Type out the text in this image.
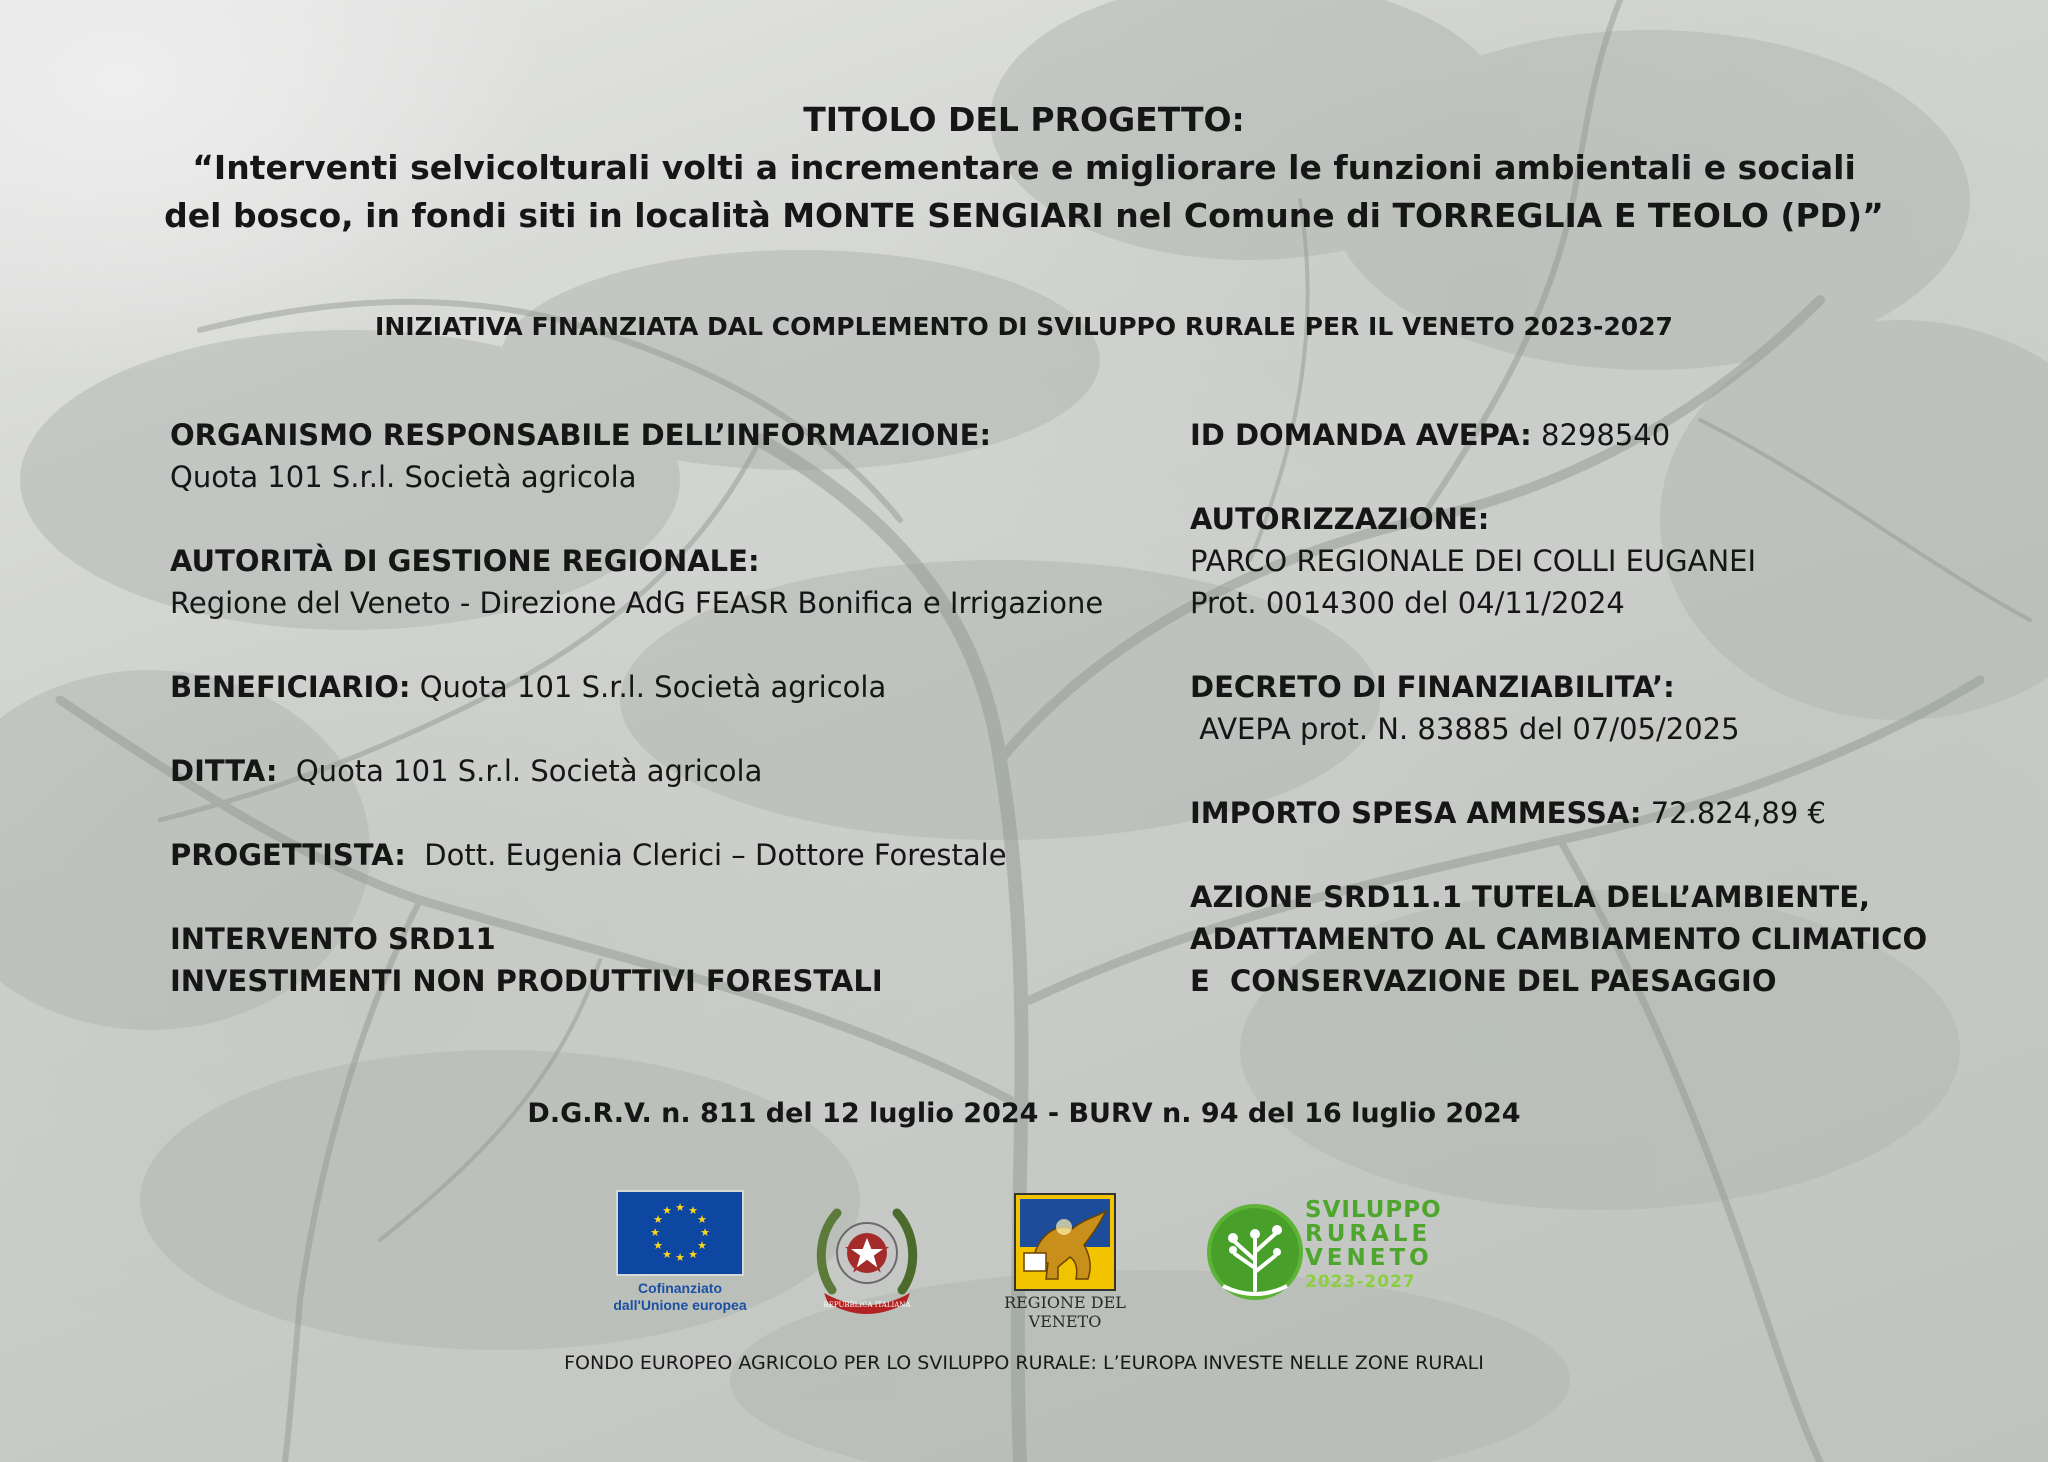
TITOLO DEL PROGETTO:
“Interventi selvicolturali volti a incrementare e migliorare le funzioni ambientali e sociali
del bosco, in fondi siti in località MONTE SENGIARI nel Comune di TORREGLIA E TEOLO (PD)”
INIZIATIVA FINANZIATA DAL COMPLEMENTO DI SVILUPPO RURALE PER IL VENETO 2023-2027
ORGANISMO RESPONSABILE DELL’INFORMAZIONE:
Quota 101 S.r.l. Società agricola
AUTORITÀ DI GESTIONE REGIONALE:
Regione del Veneto - Direzione AdG FEASR Bonifica e Irrigazione
BENEFICIARIO: Quota 101 S.r.l. Società agricola
DITTA:  Quota 101 S.r.l. Società agricola
PROGETTISTA:  Dott. Eugenia Clerici – Dottore Forestale
INTERVENTO SRD11
INVESTIMENTI NON PRODUTTIVI FORESTALI
ID DOMANDA AVEPA: 8298540
AUTORIZZAZIONE:
PARCO REGIONALE DEI COLLI EUGANEI
Prot. 0014300 del 04/11/2024
DECRETO DI FINANZIABILITA’:
AVEPA prot. N. 83885 del 07/05/2025
IMPORTO SPESA AMMESSA: 72.824,89 €
AZIONE SRD11.1 TUTELA DELL’AMBIENTE,
ADATTAMENTO AL CAMBIAMENTO CLIMATICO
E  CONSERVAZIONE DEL PAESAGGIO
D.G.R.V. n. 811 del 12 luglio 2024 - BURV n. 94 del 16 luglio 2024
★ ★
★
★
★
★
★
★
★
★
★
★
Cofinanziato
dall'Unione europea	REPUBBLICA ITALIANA	REGIONE DEL VENETO
SVILUPPO
RURALE
VENETO
2023-2027
FONDO EUROPEO AGRICOLO PER LO SVILUPPO RURALE: L’EUROPA INVESTE NELLE ZONE RURALI
